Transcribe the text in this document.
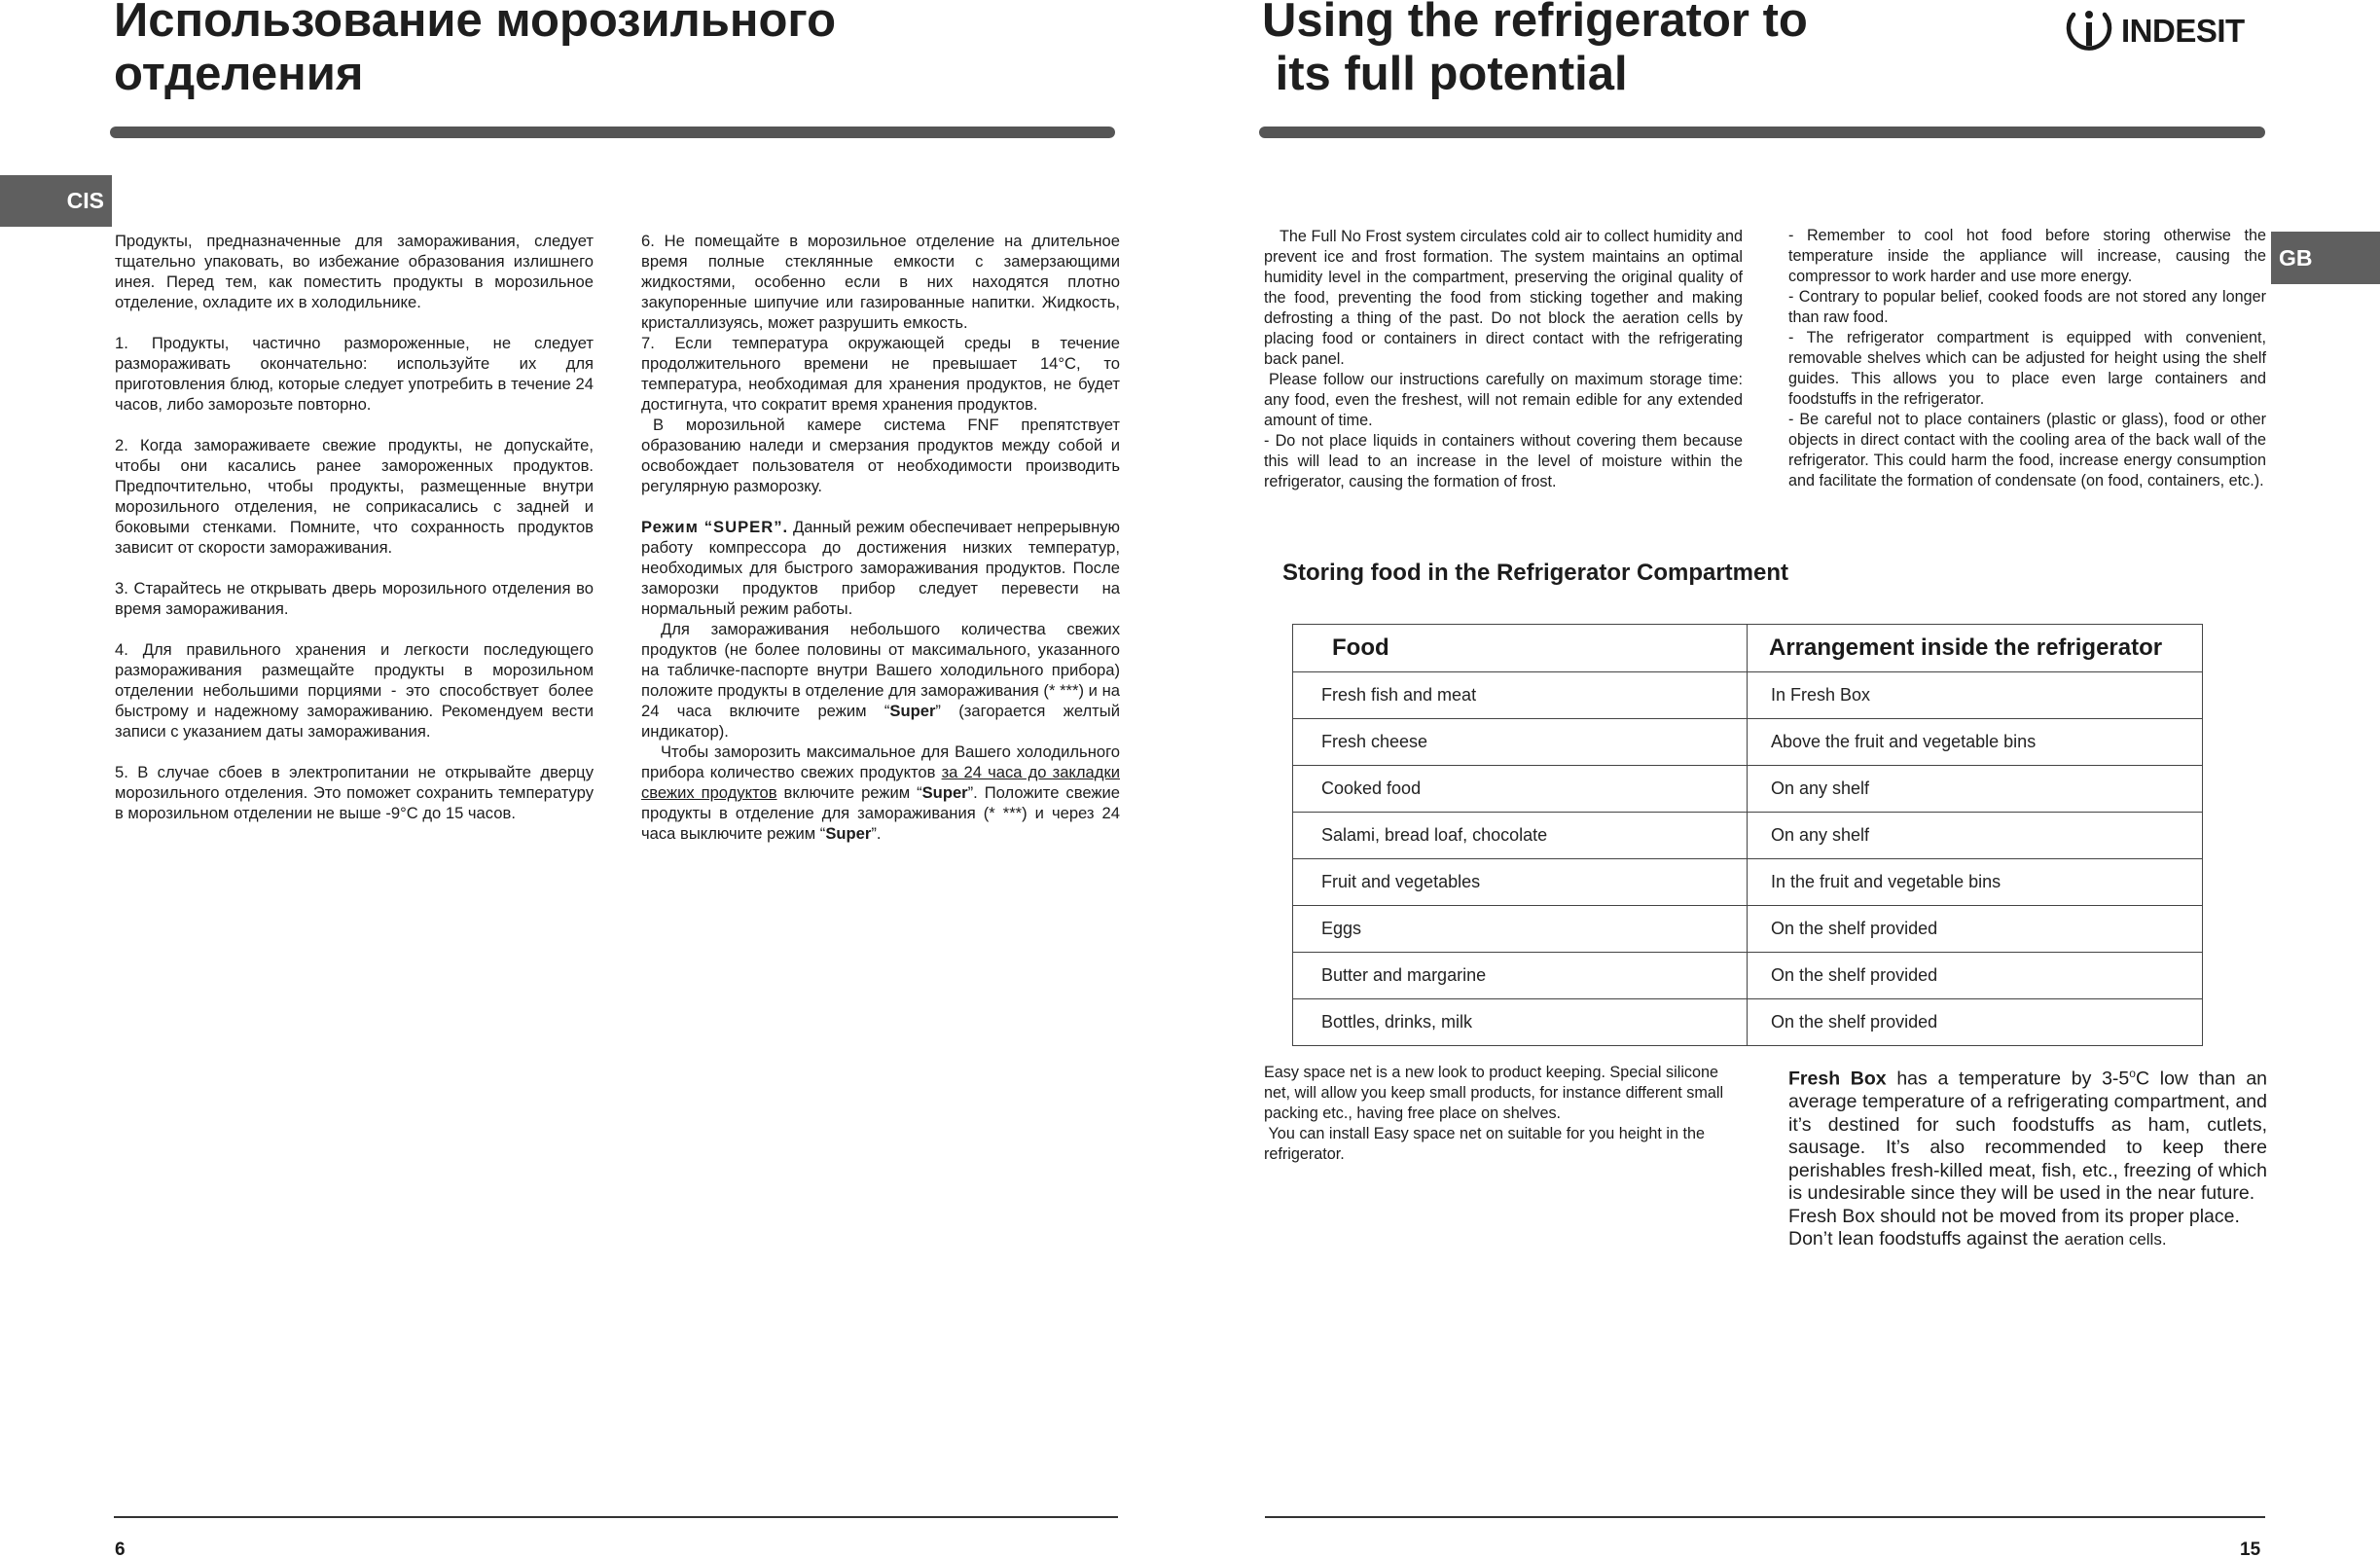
Использование морозильного
отделения
CIS

Продукты, предназначенные для замораживания, следует тщательно упаковать, во избежание образования излишнего инея. Перед тем, как поместить продукты в морозильное отделение, охладите их в холодильнике.

1. Продукты, частично размороженные, не следует размораживать окончательно: используйте их для приготовления блюд, которые следует употребить в течение 24 часов, либо заморозьте повторно.

2. Когда замораживаете свежие продукты, не допускайте, чтобы они касались ранее замороженных продуктов. Предпочтительно, чтобы продукты, размещенные внутри морозильного отделения, не соприкасались с задней и боковыми стенками. Помните, что сохранность продуктов зависит от скорости замораживания.

3. Старайтесь не открывать дверь морозильного отделения во время замораживания.

4. Для правильного хранения и легкости последующего размораживания размещайте продукты в морозильном отделении небольшими порциями - это способствует более быстрому и надежному замораживанию. Рекомендуем вести записи с указанием даты замораживания.

5. В случае сбоев в электропитании не открывайте дверцу морозильного отделения. Это поможет сохранить температуру в морозильном отделении не выше -9°C до 15 часов.

6. Не помещайте в морозильное отделение на длительное время полные стеклянные емкости с замерзающими жидкостями, особенно если в них находятся плотно закупоренные шипучие или газированные напитки. Жидкость, кристаллизуясь, может разрушить емкость.

7. Если температура окружающей среды в течение продолжительного времени не превышает 14°C, то температура, необходимая для хранения продуктов, не будет достигнута, что сократит время хранения продуктов.

В морозильной камере система FNF препятствует образованию наледи и смерзания продуктов между собой и освобождает пользователя от необходимости производить регулярную разморозку.

Режим “SUPER”. Данный режим обеспечивает непрерывную работу компрессора до достижения низких температур, необходимых для быстрого замораживания продуктов. После заморозки продуктов прибор следует перевести на нормальный режим работы.

Для замораживания небольшого количества свежих продуктов (не более половины от максимального, указанного на табличке-паспорте внутри Вашего холодильного прибора) положите продукты в отделение для замораживания (* ***) и на 24 часа включите режим “Super” (загорается желтый индикатор).

Чтобы заморозить максимальное для Вашего холодильного прибора количество свежих продуктов за 24 часа до закладки свежих продуктов включите режим “Super”. Положите свежие продукты в отделение для замораживания (* ***) и через 24 часа выключите режим “Super”.

6
Using the refrigerator to
its full potential
INDESIT
GB

The Full No Frost system circulates cold air to collect humidity and prevent ice and frost formation. The system maintains an optimal humidity level in the compartment, preserving the original quality of the food, preventing the food from sticking together and making defrosting a thing of the past. Do not block the aeration cells by placing food or containers in direct contact with the refrigerating back panel.

Please follow our instructions carefully on maximum storage time: any food, even the freshest, will not remain edible for any extended amount of time.

- Do not place liquids in containers without covering them because this will lead to an increase in the level of moisture within the refrigerator, causing the formation of frost.

- Remember to cool hot food before storing otherwise the temperature inside the appliance will increase, causing the compressor to work harder and use more energy.

- Contrary to popular belief, cooked foods are not stored any longer than raw food.

- The refrigerator compartment is equipped with convenient, removable shelves which can be adjusted for height using the shelf guides. This allows you to place even large containers and foodstuffs in the refrigerator.

- Be careful not to place containers (plastic or glass), food or other objects in direct contact with the cooling area of the back wall of the refrigerator. This could harm the food, increase energy consumption and facilitate the formation of condensate (on food, containers, etc.).

Storing food in the Refrigerator Compartment
Food	Arrangement inside the refrigerator
Fresh fish and meat	In Fresh Box
Fresh cheese	Above the fruit and vegetable bins
Cooked food	On any shelf
Salami, bread loaf, chocolate	On any shelf
Fruit and vegetables	In the fruit and vegetable bins
Eggs	On the shelf provided
Butter and margarine	On the shelf provided
Bottles, drinks, milk	On the shelf provided

Easy space net is a new look to product keeping. Special silicone net, will allow you keep small products, for instance different small packing etc., having free place on shelves.

You can install Easy space net on suitable for you height in the refrigerator.

Fresh Box has a temperature by 3-5$^o$C low than an average temperature of a refrigerating compartment, and it’s destined for such foodstuffs as ham, cutlets, sausage. It’s also recommended to keep there perishables fresh-killed meat, fish, etc., freezing of which is undesirable since they will be used in the near future.

Fresh Box should not be moved from its proper place.

Don’t lean foodstuffs against the aeration cells.

15
